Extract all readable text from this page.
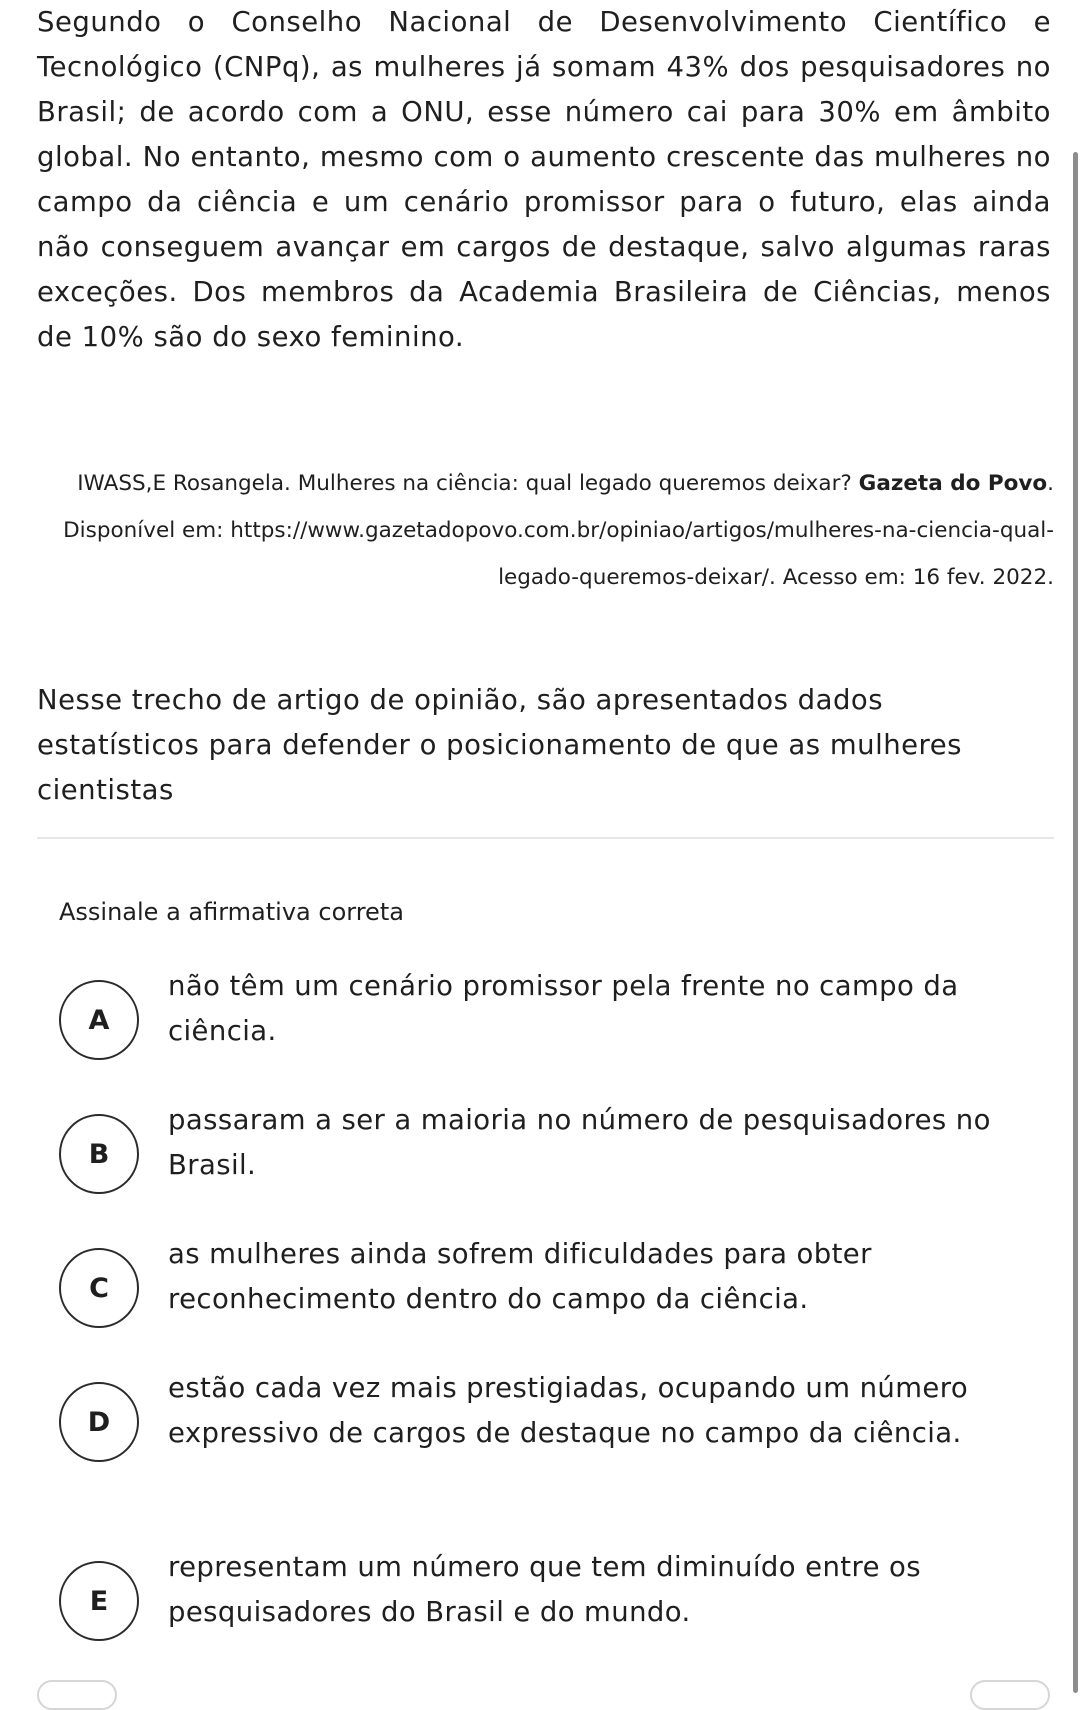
Segundo o Conselho Nacional de Desenvolvimento Científico e Tecnológico (CNPq), as mulheres já somam 43% dos pesquisadores no Brasil; de acordo com a ONU, esse número cai para 30% em âmbito global. No entanto, mesmo com o aumento crescente das mulheres no campo da ciência e um cenário promissor para o futuro, elas ainda não conseguem avançar em cargos de destaque, salvo algumas raras exceções. Dos membros da Academia Brasileira de Ciências, menos de 10% são do sexo feminino.

IWASS,E Rosangela. Mulheres na ciência: qual legado queremos deixar? Gazeta do Povo. Disponível em: https://www.gazetadopovo.com.br/opiniao/artigos/mulheres-na-ciencia-qual-legado-queremos-deixar/. Acesso em: 16 fev. 2022.

Nesse trecho de artigo de opinião, são apresentados dados estatísticos para defender o posicionamento de que as mulheres cientistas

Assinale a afirmativa correta

A

não têm um cenário promissor pela frente no campo da ciência.

B

passaram a ser a maioria no número de pesquisadores no Brasil.

C

as mulheres ainda sofrem dificuldades para obter reconhecimento dentro do campo da ciência.

D

estão cada vez mais prestigiadas, ocupando um número expressivo de cargos de destaque no campo da ciência.

E

representam um número que tem diminuído entre os pesquisadores do Brasil e do mundo.
